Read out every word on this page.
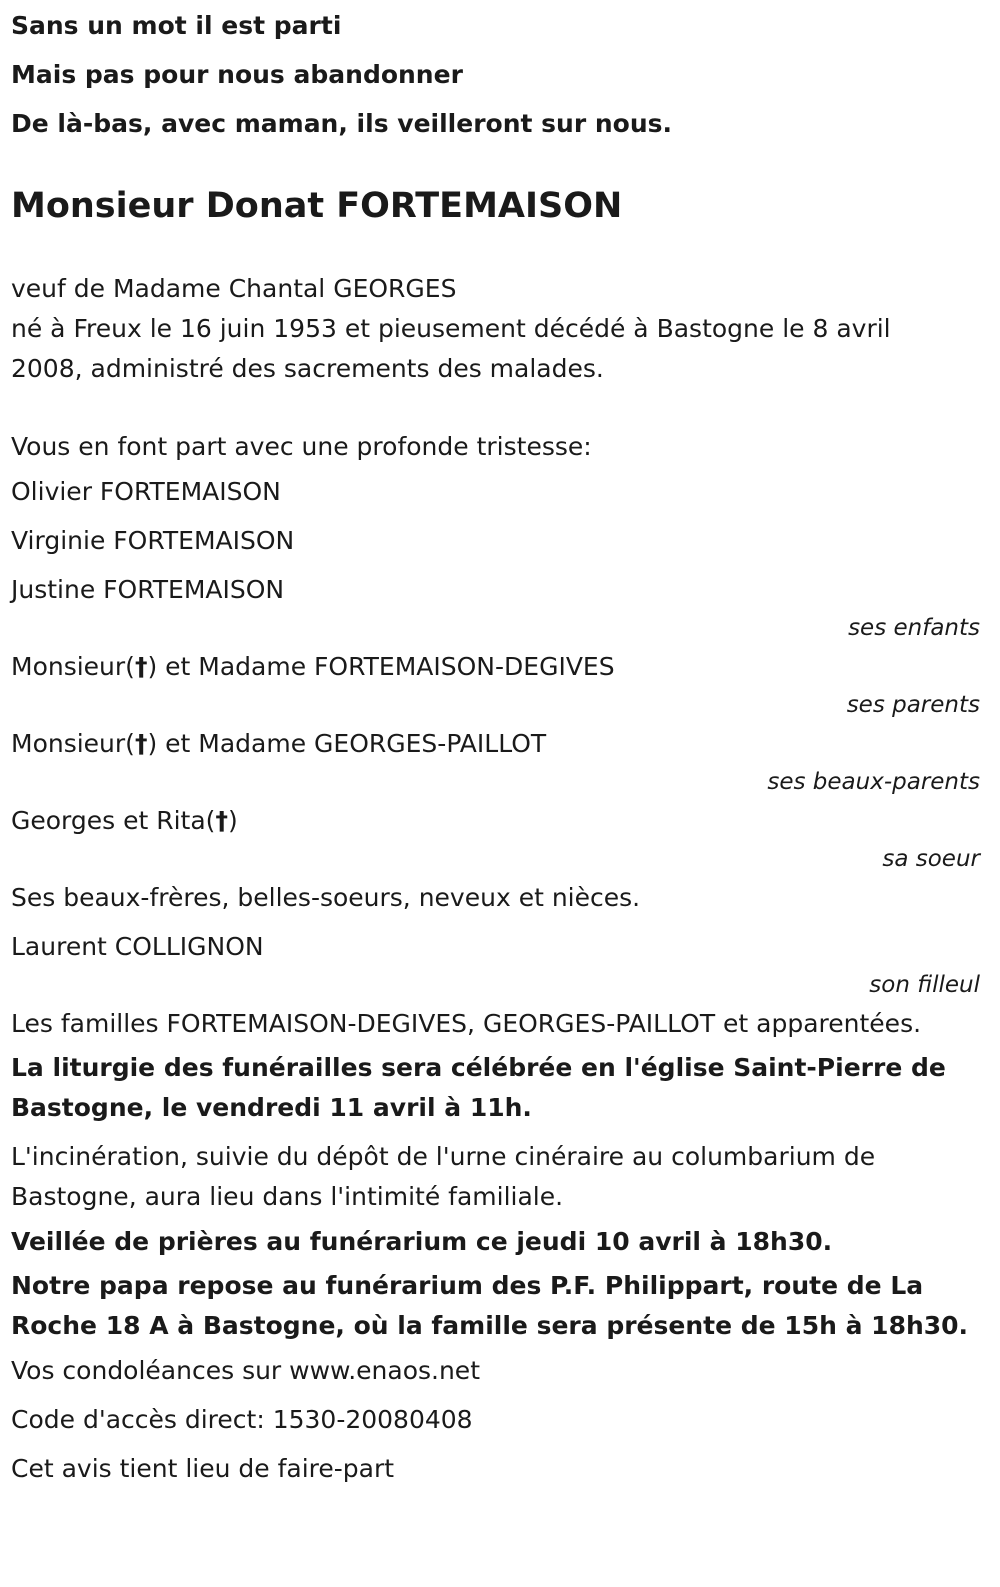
Sans un mot il est parti

Mais pas pour nous abandonner

De là-bas, avec maman, ils veilleront sur nous.

Monsieur Donat FORTEMAISON

veuf de Madame Chantal GEORGES

né à Freux le 16 juin 1953 et pieusement décédé à Bastogne le 8 avril

2008, administré des sacrements des malades.

Vous en font part avec une profonde tristesse:

Olivier FORTEMAISON

Virginie FORTEMAISON

Justine FORTEMAISON

ses enfants

Monsieur(†) et Madame FORTEMAISON-DEGIVES

ses parents

Monsieur(†) et Madame GEORGES-PAILLOT

ses beaux-parents

Georges et Rita(†)

sa soeur

Ses beaux-frères, belles-soeurs, neveux et nièces.

Laurent COLLIGNON

son filleul

Les familles FORTEMAISON-DEGIVES, GEORGES-PAILLOT et apparentées.

La liturgie des funérailles sera célébrée en l'église Saint-Pierre de

Bastogne, le vendredi 11 avril à 11h.

L'incinération, suivie du dépôt de l'urne cinéraire au columbarium de

Bastogne, aura lieu dans l'intimité familiale.

Veillée de prières au funérarium ce jeudi 10 avril à 18h30.

Notre papa repose au funérarium des P.F. Philippart, route de La

Roche 18 A à Bastogne, où la famille sera présente de 15h à 18h30.

Vos condoléances sur www.enaos.net

Code d'accès direct: 1530-20080408

Cet avis tient lieu de faire-part
